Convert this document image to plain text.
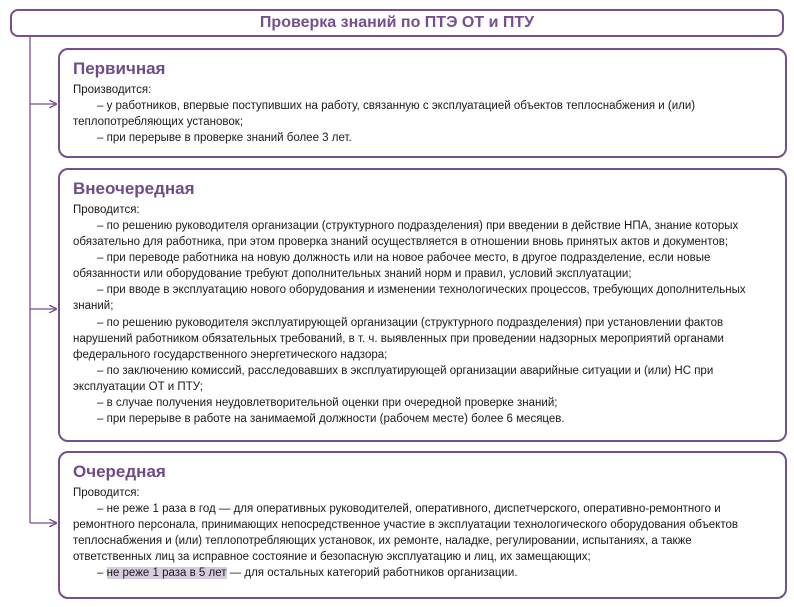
Проверка знаний по ПТЭ ОТ и ПТУ
Первичная
Производится:
– у работников, впервые поступивших на работу, связанную с эксплуатацией объектов теплоснабжения и (или) теплопотребляющих установок;
– при перерыве в проверке знаний более 3 лет.
Внеочередная
Проводится:
– по решению руководителя организации (структурного подразделения) при введении в действие НПА, знание которых обязательно для работника, при этом проверка знаний осуществляется в отношении вновь принятых актов и документов;
– при переводе работника на новую должность или на новое рабочее место, в другое подразделение, если новые обязанности или оборудование требуют дополнительных знаний норм и правил, условий эксплуатации;
– при вводе в эксплуатацию нового оборудования и изменении технологических процессов, требующих дополнительных знаний;
– по решению руководителя эксплуатирующей организации (структурного подразделения) при установлении фактов нарушений работником обязательных требований, в т. ч. выявленных при проведении надзорных мероприятий органами федерального государственного энергетического надзора;
– по заключению комиссий, расследовавших в эксплуатирующей организации аварийные ситуации и (или) НС при эксплуатации ОТ и ПТУ;
– в случае получения неудовлетворительной оценки при очередной проверке знаний;
– при перерыве в работе на занимаемой должности (рабочем месте) более 6 месяцев.
Очередная
Проводится:
– не реже 1 раза в год — для оперативных руководителей, оперативного, диспетчерского, оперативно-ремонтного и ремонтного персонала, принимающих непосредственное участие в эксплуатации технологического оборудования объектов теплоснабжения и (или) теплопотребляющих установок, их ремонте, наладке, регулировании, испытаниях, а также ответственных лиц за исправное состояние и безопасную эксплуатацию и лиц, их замещающих;
– не реже 1 раза в 5 лет — для остальных категорий работников организации.
